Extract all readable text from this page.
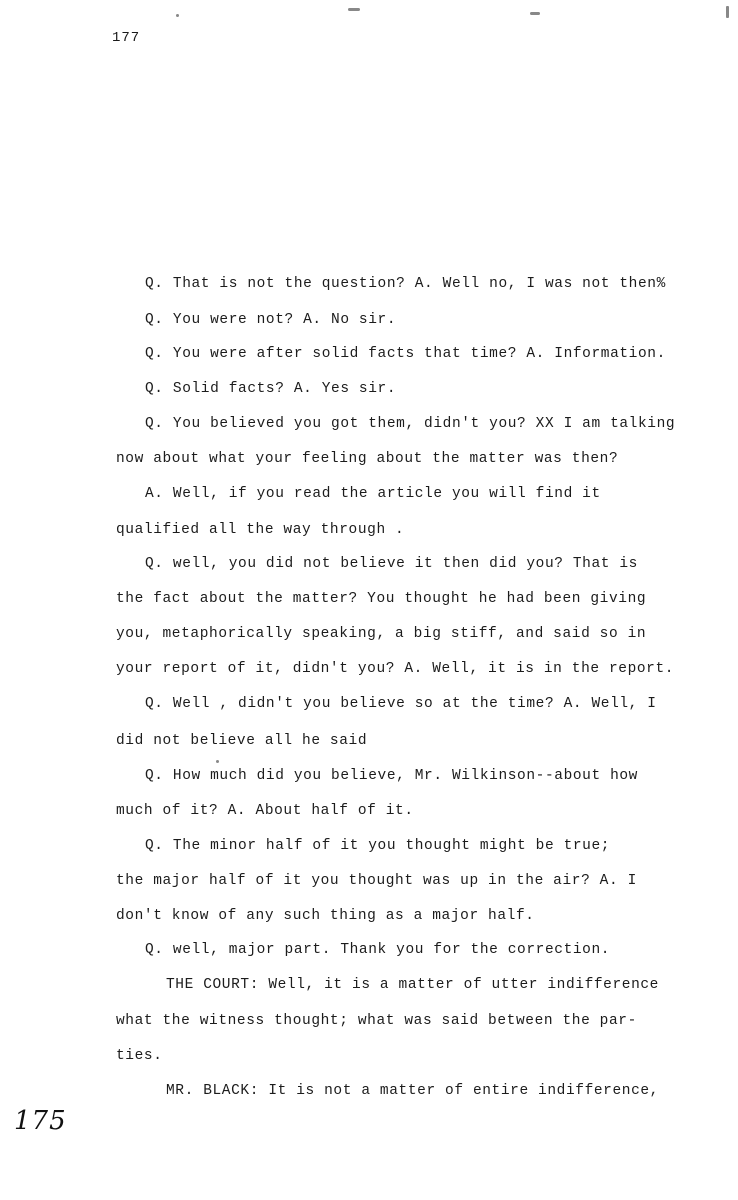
177
Q. That is not the question? A. Well no, I was not then%
Q. You were not? A. No sir.
Q. You were after solid facts that time? A. Information.
Q. Solid facts? A. Yes sir.
Q. You believed you got them, didn't you? XX I am talking
now about what your feeling about the matter was then?
A. Well, if you read the article you will find it
qualified all the way through .
Q. well, you did not believe it then did you? That is
the fact about the matter? You thought he had been giving
you, metaphorically speaking, a big stiff, and said so in
your report of it, didn't you? A. Well, it is in the report.
Q. Well , didn't you believe so at the time? A. Well, I
did not believe all he said
Q. How much did you believe, Mr. Wilkinson--about how
much of it? A. About half of it.
Q. The minor half of it you thought might be true;
the major half of it you thought was up in the air? A. I
don't know of any such thing as a major half.
Q. well, major part. Thank you for the correction.
THE COURT: Well, it is a matter of utter indifference
what the witness thought; what was said between the par-
ties.
MR. BLACK: It is not a matter of entire indifference,
175
